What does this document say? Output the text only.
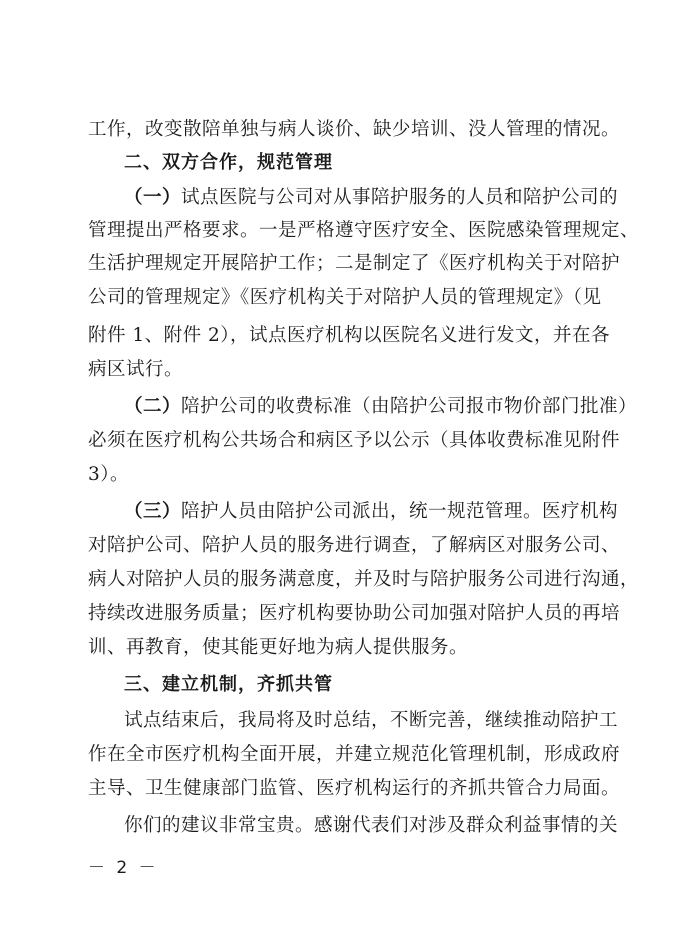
工作，改变散陪单独与病人谈价、缺少培训、没人管理的情况。
二、双方合作，规范管理
（一）试点医院与公司对从事陪护服务的人员和陪护公司的
管理提出严格要求。一是严格遵守医疗安全、医院感染管理规定、
生活护理规定开展陪护工作；二是制定了《医疗机构关于对陪护
公司的管理规定》《医疗机构关于对陪护人员的管理规定》（见
附件 1、附件 2），试点医疗机构以医院名义进行发文，并在各
病区试行。
（二）陪护公司的收费标准（由陪护公司报市物价部门批准）
必须在医疗机构公共场合和病区予以公示（具体收费标准见附件
3）。
（三）陪护人员由陪护公司派出，统一规范管理。医疗机构
对陪护公司、陪护人员的服务进行调查，了解病区对服务公司、
病人对陪护人员的服务满意度，并及时与陪护服务公司进行沟通，
持续改进服务质量；医疗机构要协助公司加强对陪护人员的再培
训、再教育，使其能更好地为病人提供服务。
三、建立机制，齐抓共管
试点结束后，我局将及时总结，不断完善，继续推动陪护工
作在全市医疗机构全面开展，并建立规范化管理机制，形成政府
主导、卫生健康部门监管、医疗机构运行的齐抓共管合力局面。
你们的建议非常宝贵。感谢代表们对涉及群众利益事情的关
－ 2 －
